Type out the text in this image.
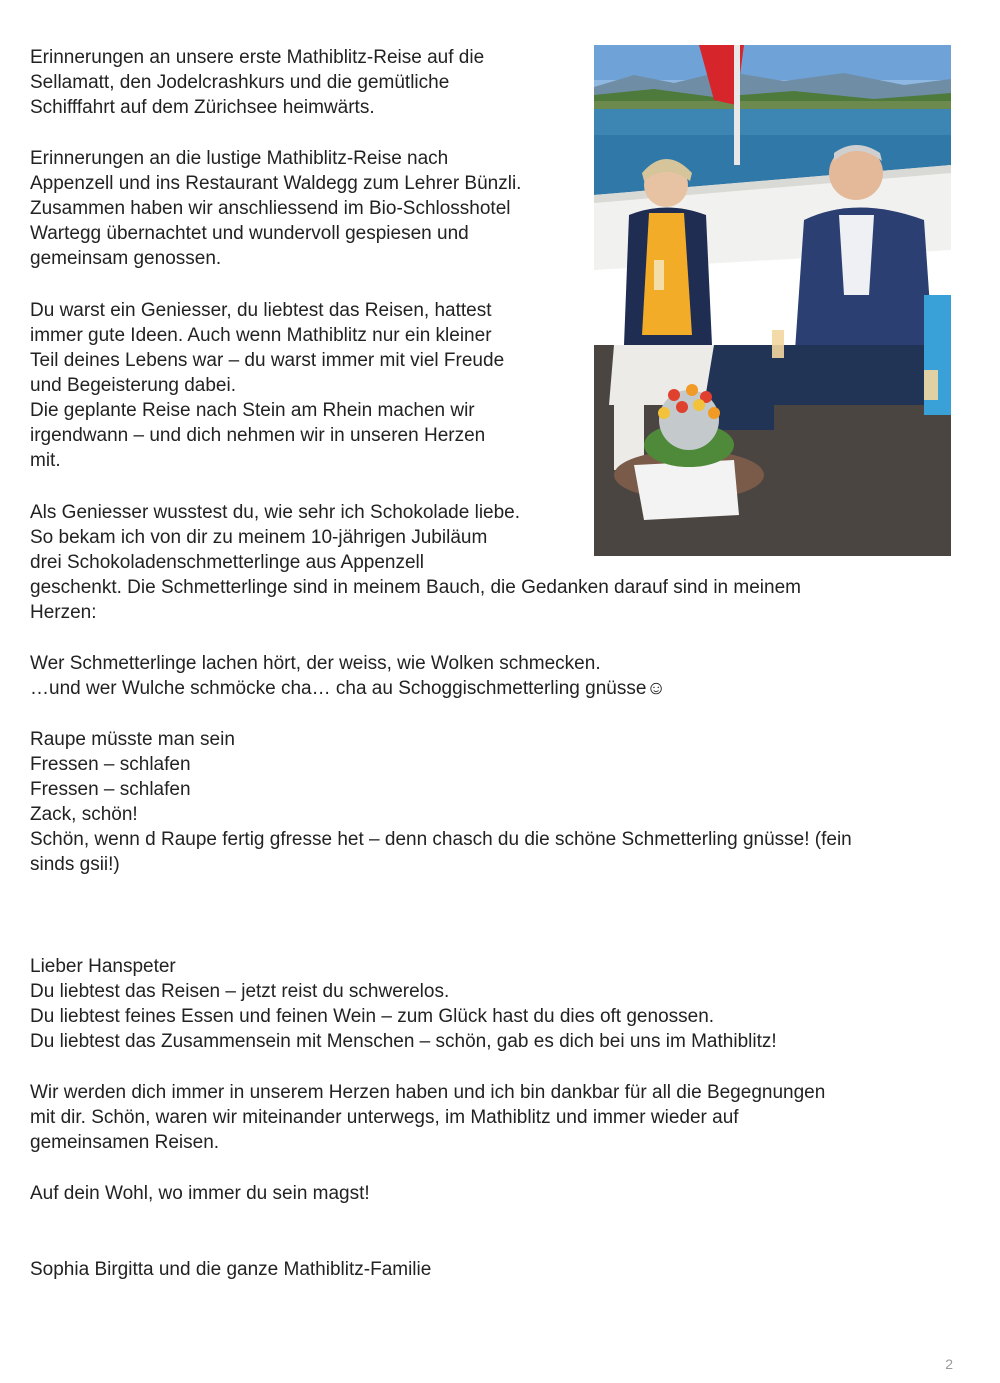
Erinnerungen an unsere erste Mathiblitz-Reise auf die
Sellamatt, den Jodelcrashkurs und die gemütliche
Schifffahrt auf dem Zürichsee heimwärts.

Erinnerungen an die lustige Mathiblitz-Reise nach
Appenzell und ins Restaurant Waldegg zum Lehrer Bünzli.
Zusammen haben wir anschliessend im Bio-Schlosshotel
Wartegg übernachtet und wundervoll gespiesen und
gemeinsam genossen.

Du warst ein Geniesser, du liebtest das Reisen, hattest
immer gute Ideen. Auch wenn Mathiblitz nur ein kleiner
Teil deines Lebens war – du warst immer mit viel Freude
und Begeisterung dabei.
Die geplante Reise nach Stein am Rhein machen wir
irgendwann – und dich nehmen wir in unseren Herzen
mit.

Als Geniesser wusstest du, wie sehr ich Schokolade liebe.
So bekam ich von dir zu meinem 10-jährigen Jubiläum
drei Schokoladenschmetterlinge aus Appenzell

geschenkt. Die Schmetterlinge sind in meinem Bauch, die Gedanken darauf sind in meinem
Herzen:

Wer Schmetterlinge lachen hört, der weiss, wie Wolken schmecken.
…und wer Wulche schmöcke cha… cha au Schoggischmetterling gnüsse☺

Raupe müsste man sein
Fressen – schlafen
Fressen – schlafen
Zack, schön!
Schön, wenn d Raupe fertig gfresse het – denn chasch du die schöne Schmetterling gnüsse! (fein
sinds gsii!)

Lieber Hanspeter
Du liebtest das Reisen – jetzt reist du schwerelos.
Du liebtest feines Essen und feinen Wein – zum Glück hast du dies oft genossen.
Du liebtest das Zusammensein mit Menschen – schön, gab es dich bei uns im Mathiblitz!

Wir werden dich immer in unserem Herzen haben und ich bin dankbar für all die Begegnungen
mit dir. Schön, waren wir miteinander unterwegs, im Mathiblitz und immer wieder auf
gemeinsamen Reisen.

Auf dein Wohl, wo immer du sein magst!

Sophia Birgitta und die ganze Mathiblitz-Familie

2
